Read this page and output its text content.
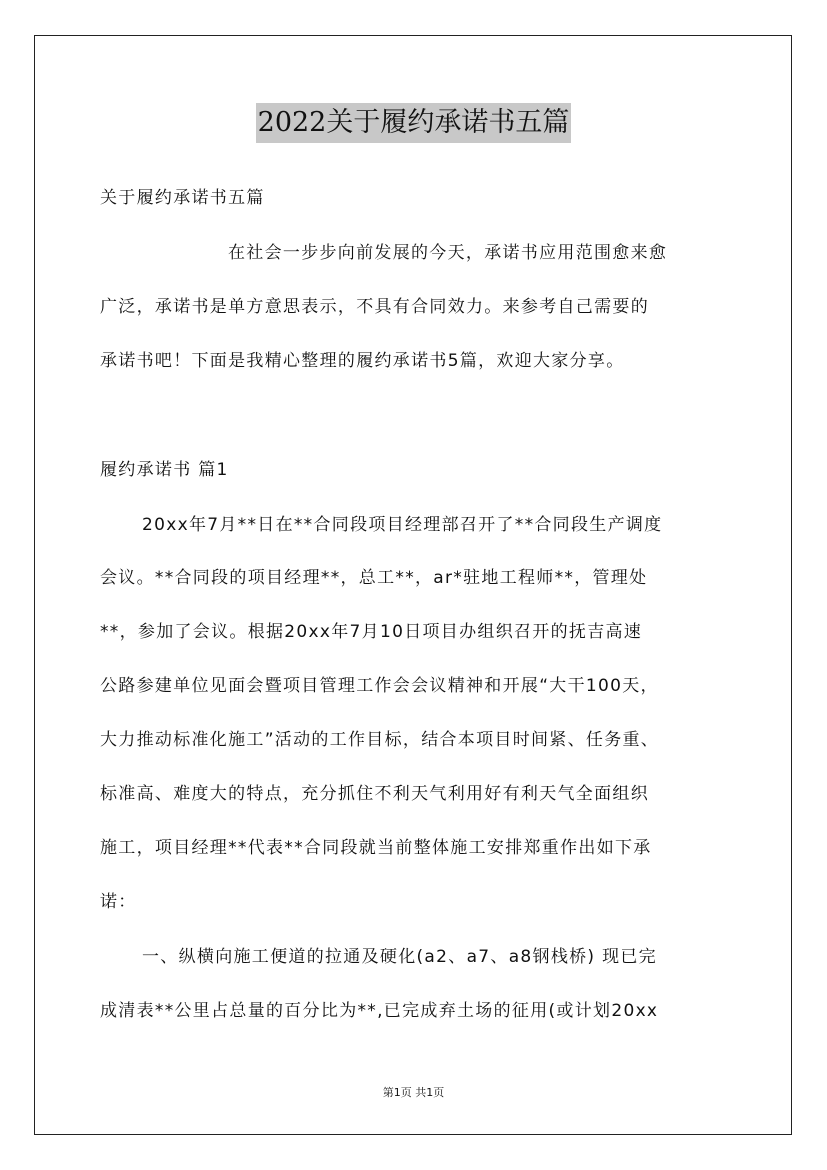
2022关于履约承诺书五篇
关于履约承诺书五篇
在社会一步步向前发展的今天，承诺书应用范围愈来愈
广泛，承诺书是单方意思表示，不具有合同效力。来参考自己需要的
承诺书吧！下面是我精心整理的履约承诺书5篇，欢迎大家分享。
履约承诺书 篇1
20xx年7月**日在**合同段项目经理部召开了**合同段生产调度
会议。**合同段的项目经理**，总工**，ar*驻地工程师**，管理处
**，参加了会议。根据20xx年7月10日项目办组织召开的抚吉高速
公路参建单位见面会暨项目管理工作会会议精神和开展“大干100天，
大力推动标准化施工”活动的工作目标，结合本项目时间紧、任务重、
标准高、难度大的特点，充分抓住不利天气利用好有利天气全面组织
施工，项目经理**代表**合同段就当前整体施工安排郑重作出如下承
诺：
一、纵横向施工便道的拉通及硬化(a2、a7、a8钢栈桥) 现已完
成清表**公里占总量的百分比为**,已完成弃土场的征用(或计划20xx
第1页 共1页
